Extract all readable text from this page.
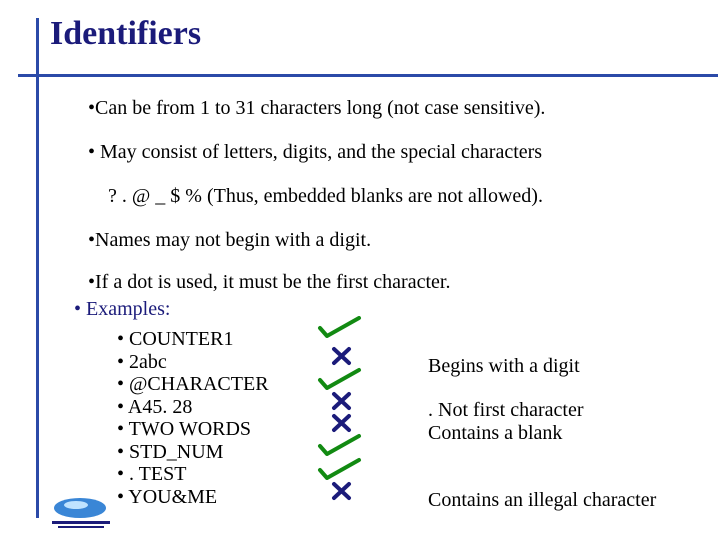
Identifiers
•Can be from 1 to 31 characters long (not case sensitive).
• May consist of letters, digits, and the special characters
? . @ _ $ % (Thus, embedded blanks are not allowed).
•Names may not begin with a digit.
•If a dot is used, it must be the first character.
• Examples:
• COUNTER1
• 2abc
• @CHARACTER
• A45. 28
• TWO WORDS
• STD_NUM
• . TEST
• YOU&ME
Begins with a digit
. Not first character
Contains a blank
Contains an illegal character
